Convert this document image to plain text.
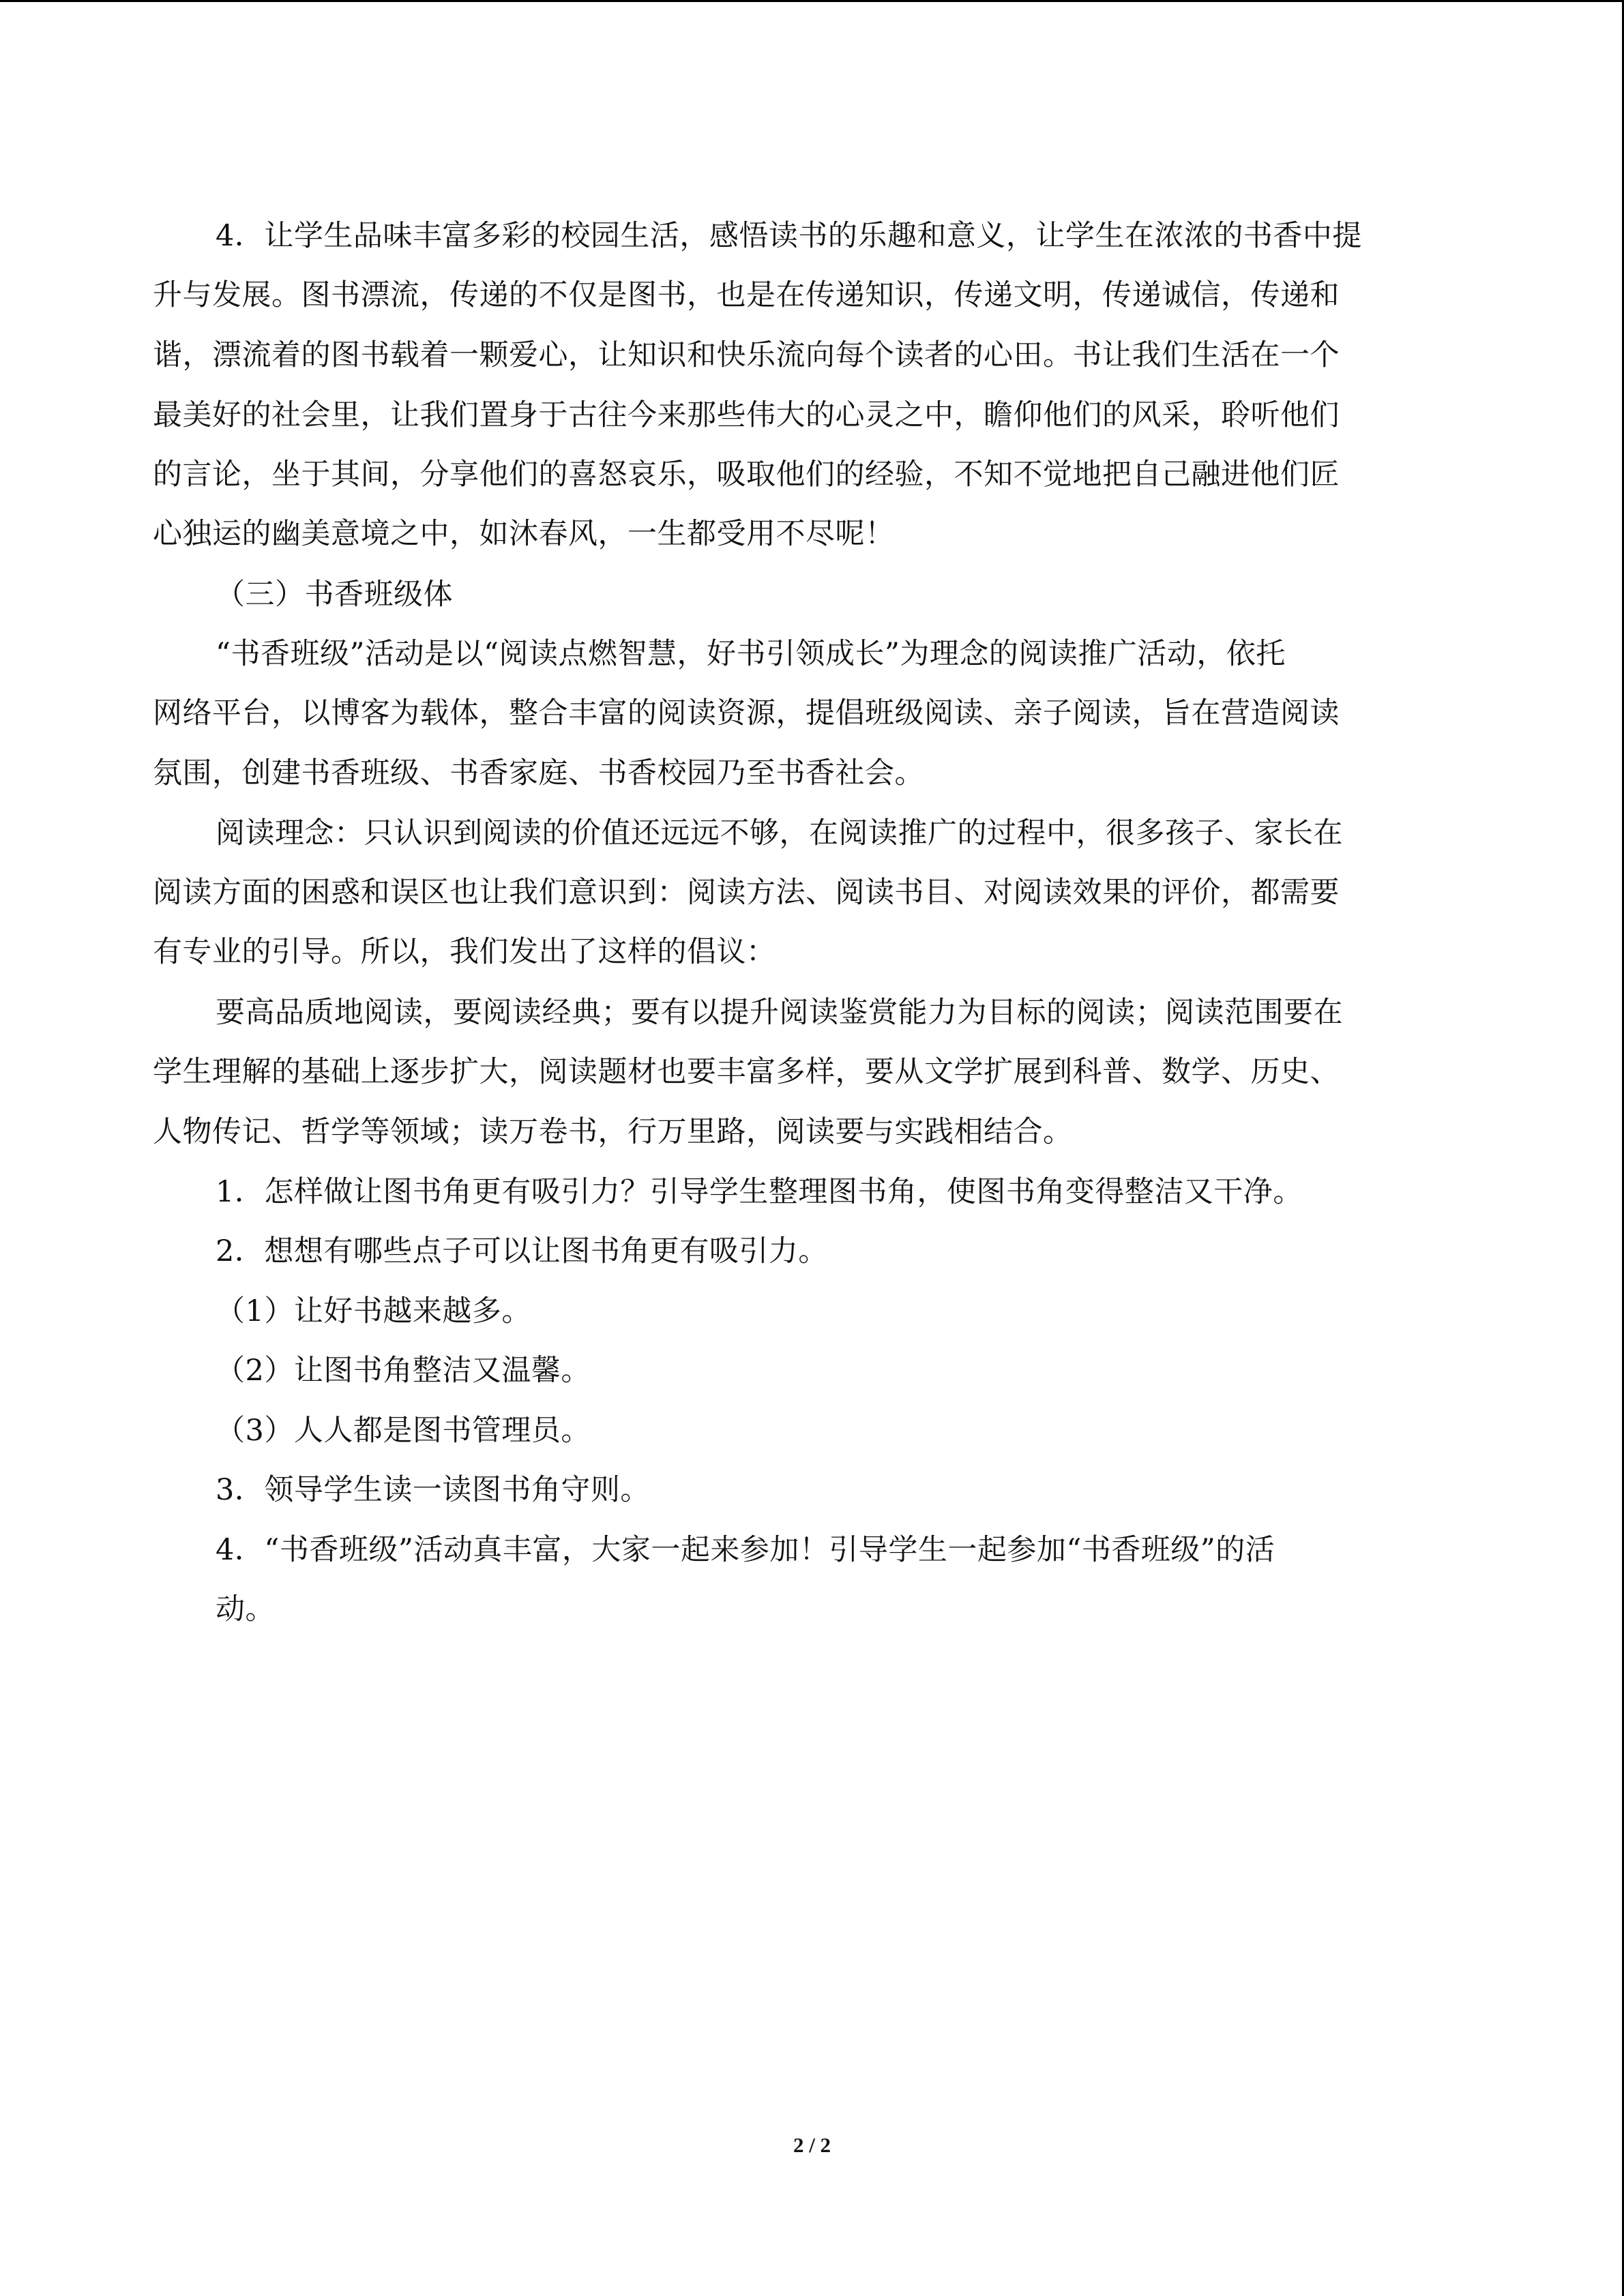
4．让学生品味丰富多彩的校园生活，感悟读书的乐趣和意义，让学生在浓浓的书香中提
升与发展。图书漂流，传递的不仅是图书，也是在传递知识，传递文明，传递诚信，传递和
谐，漂流着的图书载着一颗爱心，让知识和快乐流向每个读者的心田。书让我们生活在一个
最美好的社会里，让我们置身于古往今来那些伟大的心灵之中，瞻仰他们的风采，聆听他们
的言论，坐于其间，分享他们的喜怒哀乐，吸取他们的经验，不知不觉地把自己融进他们匠
心独运的幽美意境之中，如沐春风，一生都受用不尽呢！
（三）书香班级体
“书香班级”活动是以“阅读点燃智慧，好书引领成长”为理念的阅读推广活动，依托
网络平台，以博客为载体，整合丰富的阅读资源，提倡班级阅读、亲子阅读，旨在营造阅读
氛围，创建书香班级、书香家庭、书香校园乃至书香社会。
阅读理念：只认识到阅读的价值还远远不够，在阅读推广的过程中，很多孩子、家长在
阅读方面的困惑和误区也让我们意识到：阅读方法、阅读书目、对阅读效果的评价，都需要
有专业的引导。所以，我们发出了这样的倡议：
要高品质地阅读，要阅读经典；要有以提升阅读鉴赏能力为目标的阅读；阅读范围要在
学生理解的基础上逐步扩大，阅读题材也要丰富多样，要从文学扩展到科普、数学、历史、
人物传记、哲学等领域；读万卷书，行万里路，阅读要与实践相结合。
1．怎样做让图书角更有吸引力？引导学生整理图书角，使图书角变得整洁又干净。
2．想想有哪些点子可以让图书角更有吸引力。
（1）让好书越来越多。
（2）让图书角整洁又温馨。
（3）人人都是图书管理员。
3．领导学生读一读图书角守则。
4．“书香班级”活动真丰富，大家一起来参加！引导学生一起参加“书香班级”的活
动。
2 / 2
